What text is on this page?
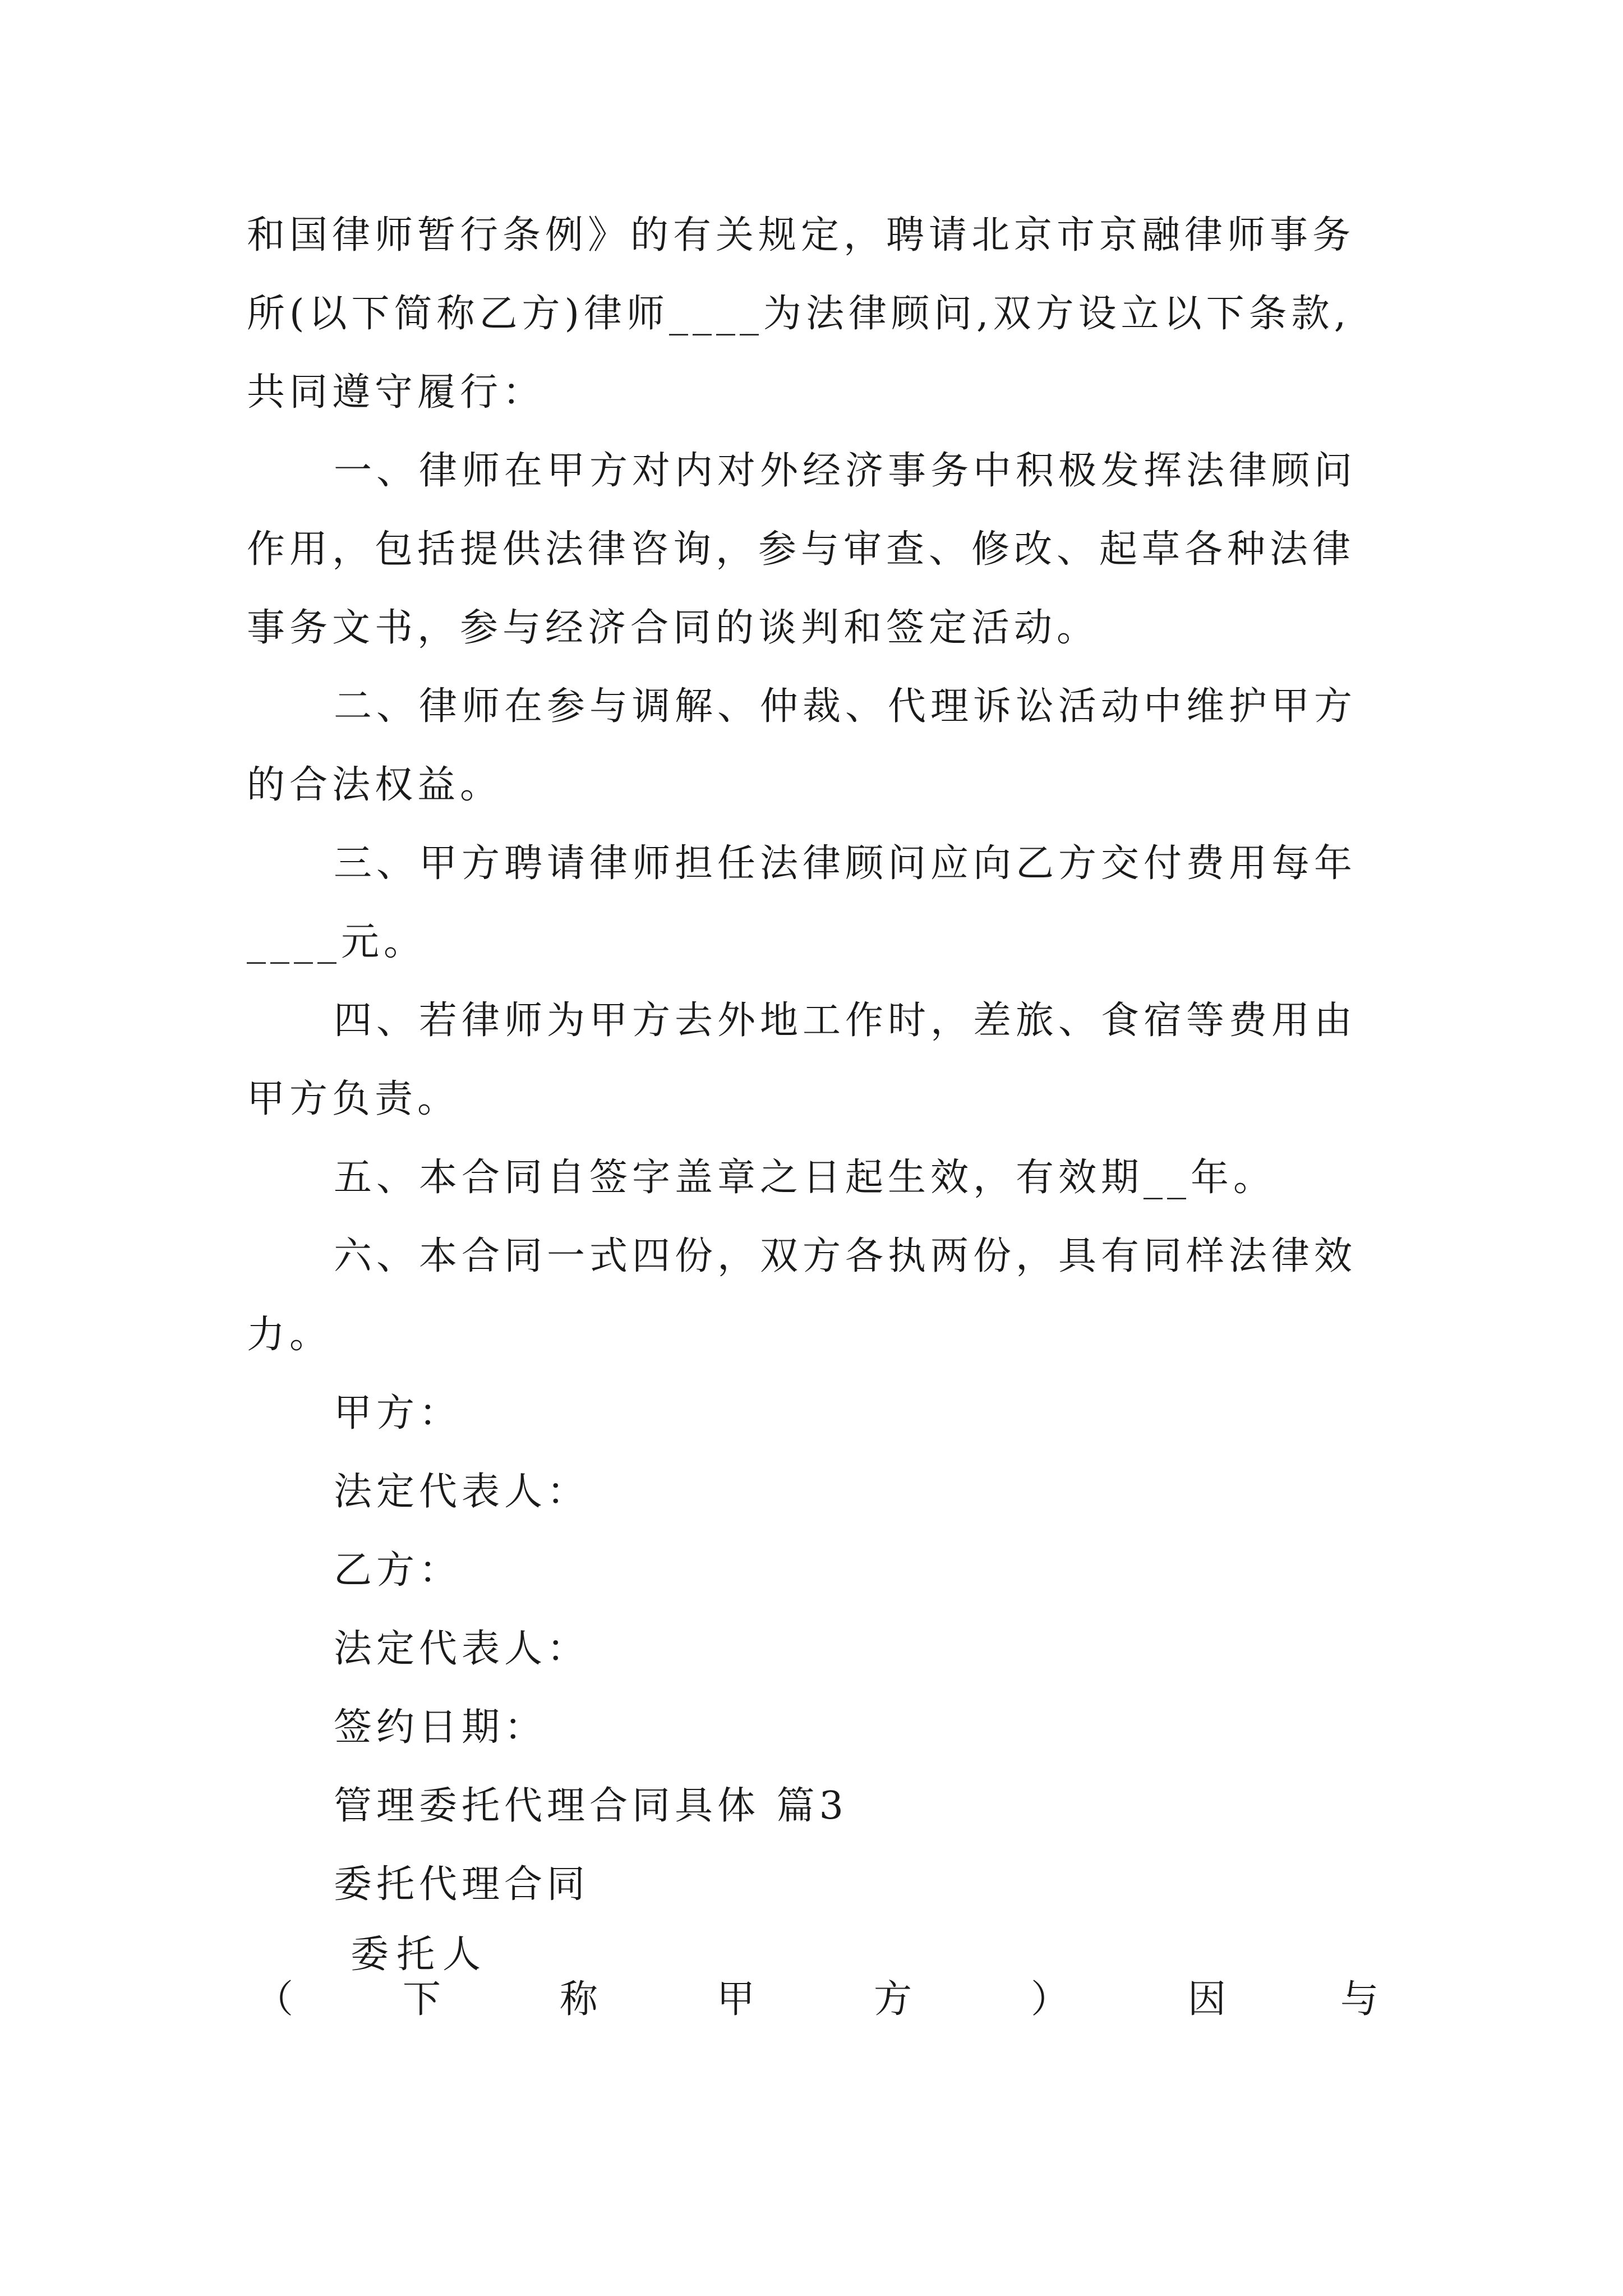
和国律师暂行条例》的有关规定，聘请北京市京融律师事务
所(以下简称乙方)律师____为法律顾问,双方设立以下条款,
共同遵守履行：
一、律师在甲方对内对外经济事务中积极发挥法律顾问
作用，包括提供法律咨询，参与审查、修改、起草各种法律
事务文书，参与经济合同的谈判和签定活动。
二、律师在参与调解、仲裁、代理诉讼活动中维护甲方
的合法权益。
三、甲方聘请律师担任法律顾问应向乙方交付费用每年
____元。
四、若律师为甲方去外地工作时，差旅、食宿等费用由
甲方负责。
五、本合同自签字盖章之日起生效，有效期__年。
六、本合同一式四份，双方各执两份，具有同样法律效
力。
甲方：
法定代表人：
乙方：
法定代表人：
签约日期：
管理委托代理合同具体 篇3
委托代理合同
委托人
（	下	称	甲	方	）	因	与
